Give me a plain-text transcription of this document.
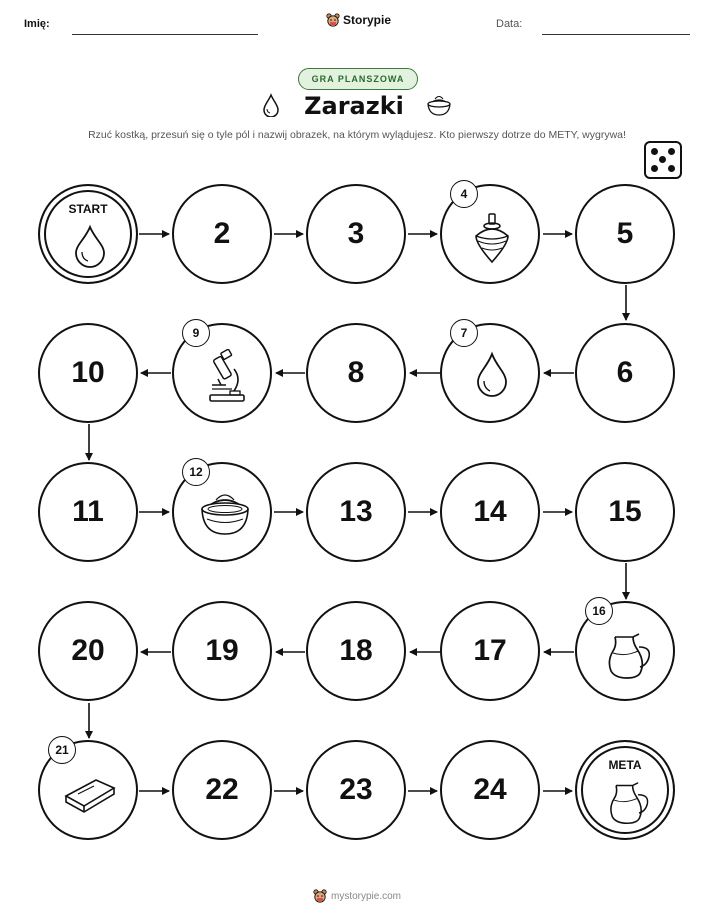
Imię:	Storypie	Data:
GRA PLANSZOWA
Zarazki
Rzuć kostką, przesuń się o tyle pól i nazwij obrazek, na którym wylądujesz. Kto pierwszy dotrze do METY, wygrywa!
START
2	3
4
5
10
9
8
7
6
11
12
13	14	15
20	19	18	17
16
21
22	23	24
META
mystorypie.com
